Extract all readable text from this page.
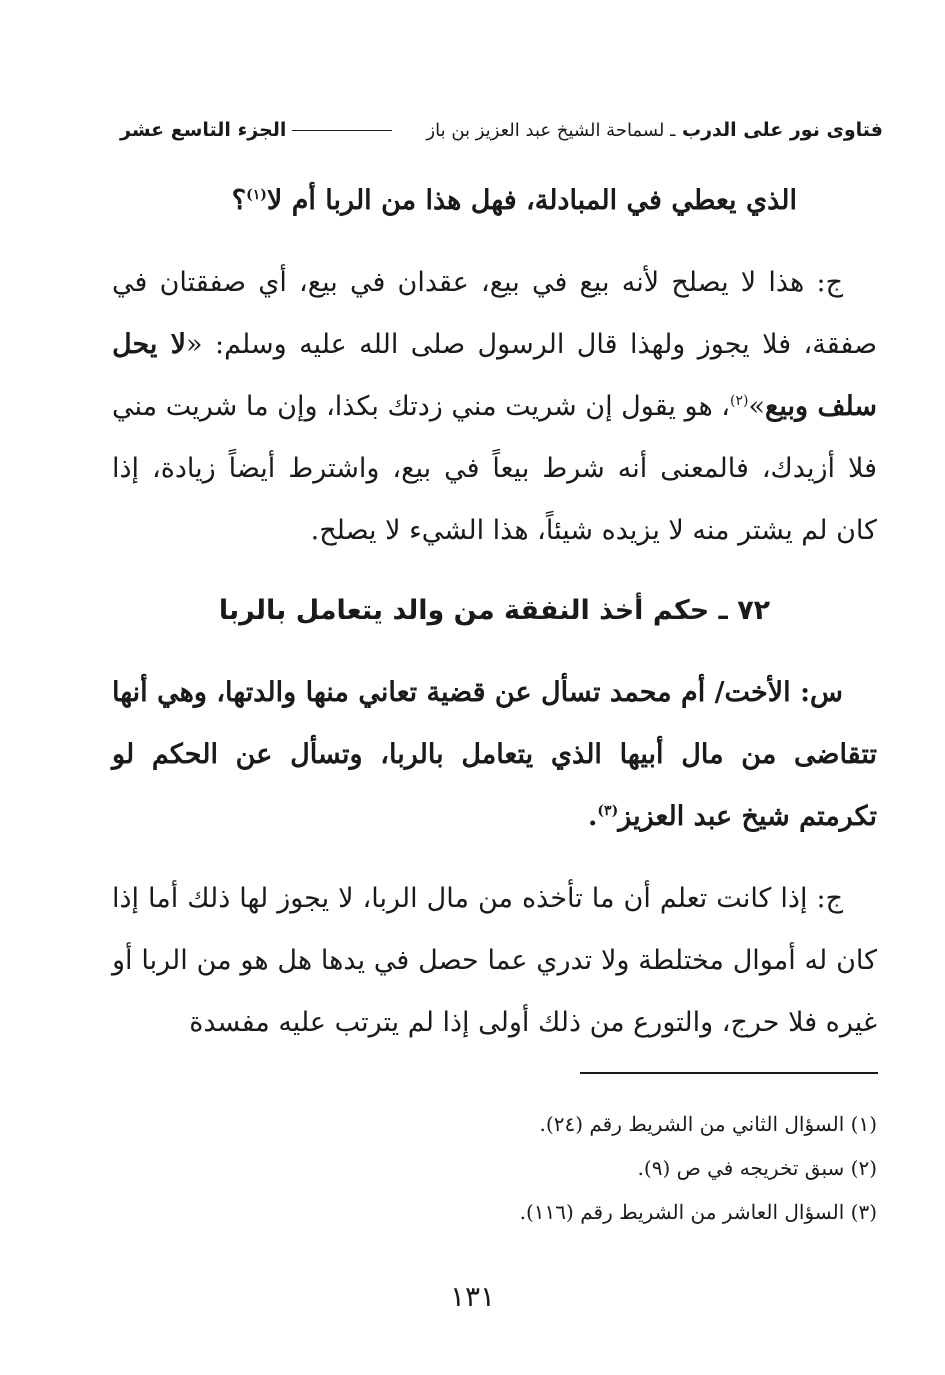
فتاوى نور على الدرب ـ لسماحة الشيخ عبد العزيز بن باز
الجزء التاسع عشر

الذي يعطي في المبادلة، فهل هذا من الربا أم لا$^{(١)}$؟

ج: هذا لا يصلح لأنه بيع في بيع، عقدان في بيع، أي صفقتان في صفقة، فلا يجوز ولهذا قال الرسول صلى الله عليه وسلم: «لا يحل سلف وبيع»$^{(٢)}$، هو يقول إن شريت مني زدتك بكذا، وإن ما شريت مني فلا أزيدك، فالمعنى أنه شرط بيعاً في بيع، واشترط أيضاً زيادة، إذا كان لم يشتر منه لا يزيده شيئاً، هذا الشيء لا يصلح.

٧٢ ـ حكم أخذ النفقة من والد يتعامل بالربا

س: الأخت/ أم محمد تسأل عن قضية تعاني منها والدتها، وهي أنها تتقاضى من مال أبيها الذي يتعامل بالربا، وتسأل عن الحكم لو تكرمتم شيخ عبد العزيز$^{(٣)}$.

ج: إذا كانت تعلم أن ما تأخذه من مال الربا، لا يجوز لها ذلك أما إذا كان له أموال مختلطة ولا تدري عما حصل في يدها هل هو من الربا أو غيره فلا حرج، والتورع من ذلك أولى إذا لم يترتب عليه مفسدة

(١) السؤال الثاني من الشريط رقم (٢٤).

(٢) سبق تخريجه في ص (٩).

(٣) السؤال العاشر من الشريط رقم (١١٦).

١٣١
